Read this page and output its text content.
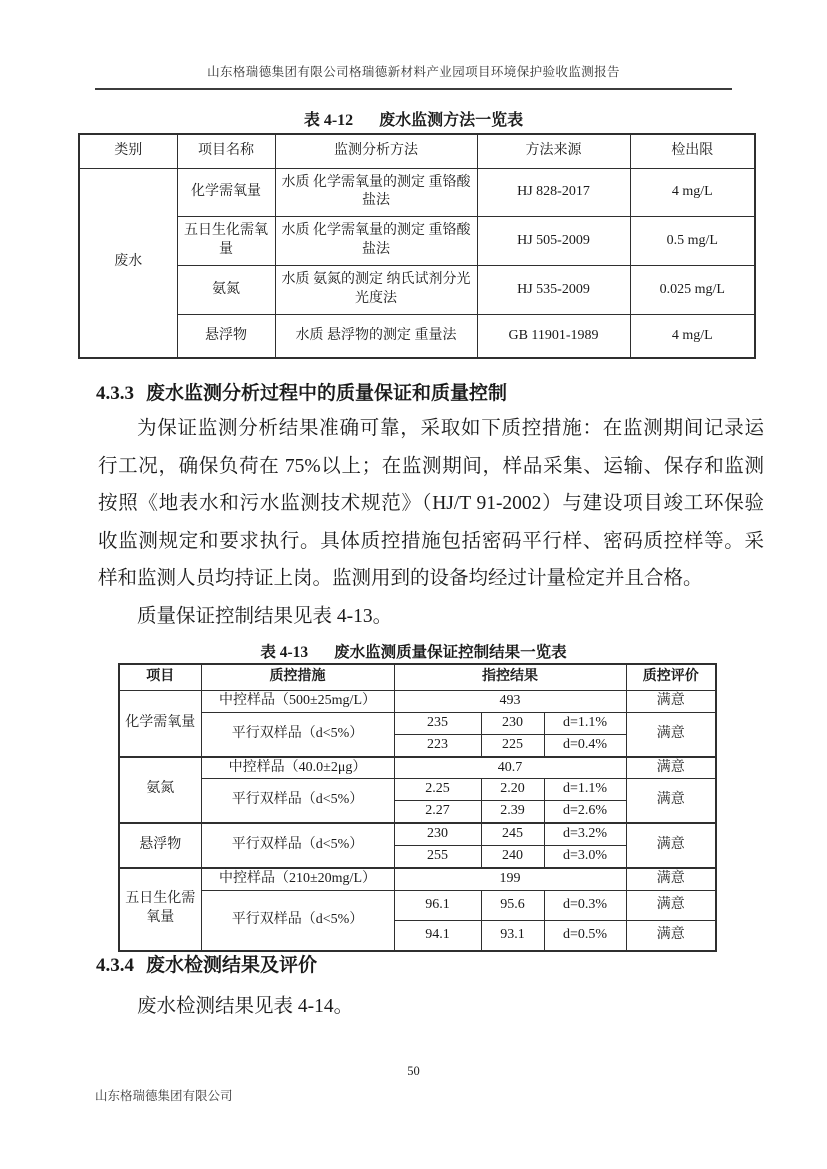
山东格瑞德集团有限公司格瑞德新材料产业园项目环境保护验收监测报告
表 4-12 废水监测方法一览表
类别	项目名称	监测分析方法	方法来源	检出限
废水	化学需氧量	水质 化学需氧量的测定 重铬酸盐法	HJ 828-2017	4 mg/L
	五日生化需氧量	水质 化学需氧量的测定 重铬酸盐法	HJ 505-2009	0.5 mg/L
	氨氮	水质 氨氮的测定 纳氏试剂分光光度法	HJ 535-2009	0.025 mg/L
	悬浮物	水质 悬浮物的测定 重量法	GB 11901-1989	4 mg/L
4.3.3 废水监测分析过程中的质量保证和质量控制
为保证监测分析结果准确可靠，采取如下质控措施：在监测期间记录运
行工况，确保负荷在 75%以上；在监测期间，样品采集、运输、保存和监测
按照《地表水和污水监测技术规范》（HJ/T 91-2002）与建设项目竣工环保验
收监测规定和要求执行。具体质控措施包括密码平行样、密码质控样等。采
样和监测人员均持证上岗。监测用到的设备均经过计量检定并且合格。
质量保证控制结果见表 4-13。
表 4-13 废水监测质量保证控制结果一览表
项目	质控措施	指控结果			质控评价
化学需氧量	中控样品（500±25mg/L）	493			满意
	平行双样品（d<5%）	235	230	d=1.1%	满意
		223	225	d=0.4%	
氨氮	中控样品（40.0±2μg）	40.7			满意
	平行双样品（d<5%）	2.25	2.20	d=1.1%	满意
		2.27	2.39	d=2.6%	
悬浮物	平行双样品（d<5%）	230	245	d=3.2%	满意
		255	240	d=3.0%	
五日生化需氧量	中控样品（210±20mg/L）	199			满意
	平行双样品（d<5%）	96.1	95.6	d=0.3%	满意
		94.1	93.1	d=0.5%	满意
4.3.4 废水检测结果及评价
废水检测结果见表 4-14。
50
山东格瑞德集团有限公司
